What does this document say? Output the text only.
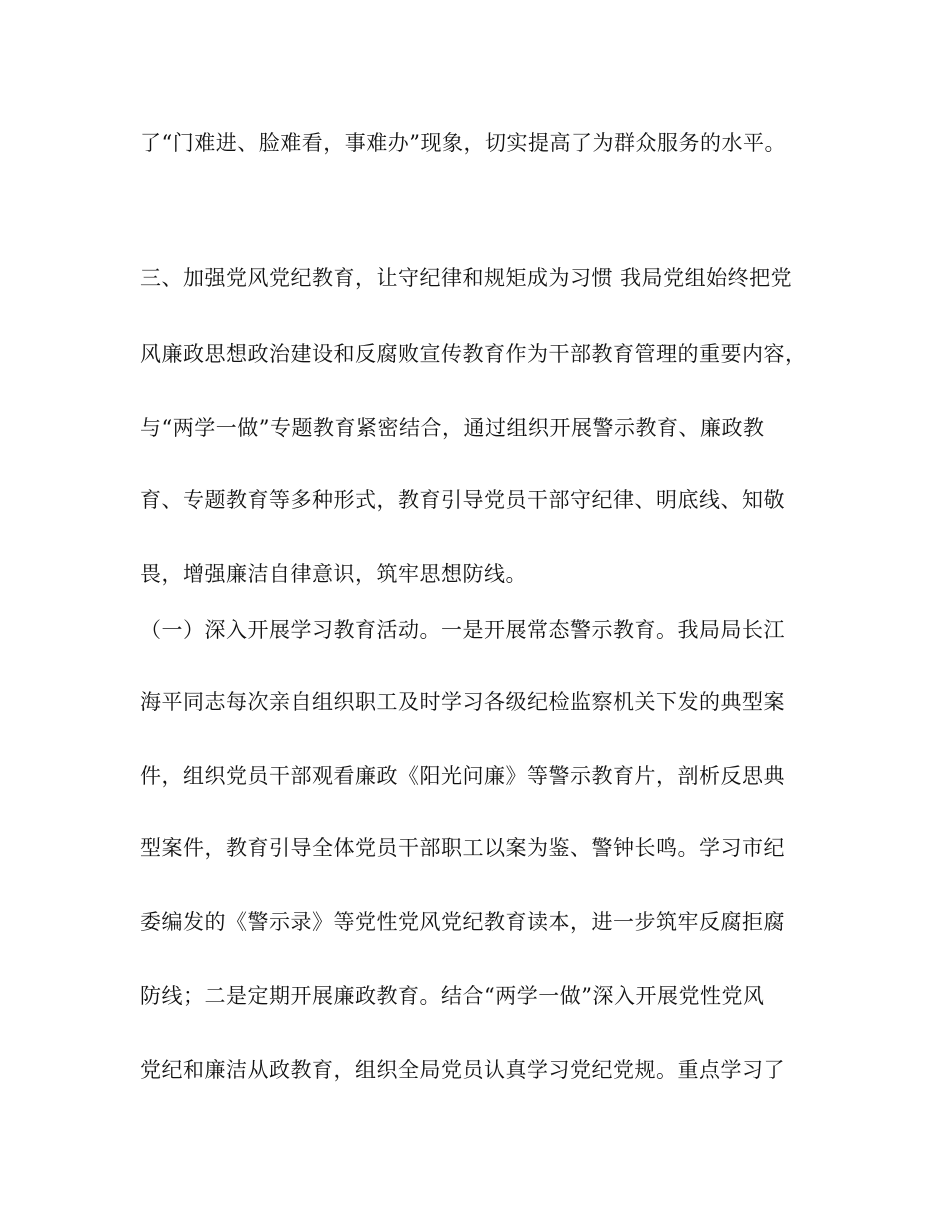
了“门难进、脸难看，事难办”现象，切实提高了为群众服务的水平。
三、加强党风党纪教育，让守纪律和规矩成为习惯 我局党组始终把党
风廉政思想政治建设和反腐败宣传教育作为干部教育管理的重要内容，
与“两学一做”专题教育紧密结合，通过组织开展警示教育、廉政教
育、专题教育等多种形式，教育引导党员干部守纪律、明底线、知敬
畏，增强廉洁自律意识，筑牢思想防线。
（一）深入开展学习教育活动。一是开展常态警示教育。我局局长江
海平同志每次亲自组织职工及时学习各级纪检监察机关下发的典型案
件，组织党员干部观看廉政《阳光问廉》等警示教育片，剖析反思典
型案件，教育引导全体党员干部职工以案为鉴、警钟长鸣。学习市纪
委编发的《警示录》等党性党风党纪教育读本，进一步筑牢反腐拒腐
防线；二是定期开展廉政教育。结合“两学一做”深入开展党性党风
党纪和廉洁从政教育，组织全局党员认真学习党纪党规。重点学习了
